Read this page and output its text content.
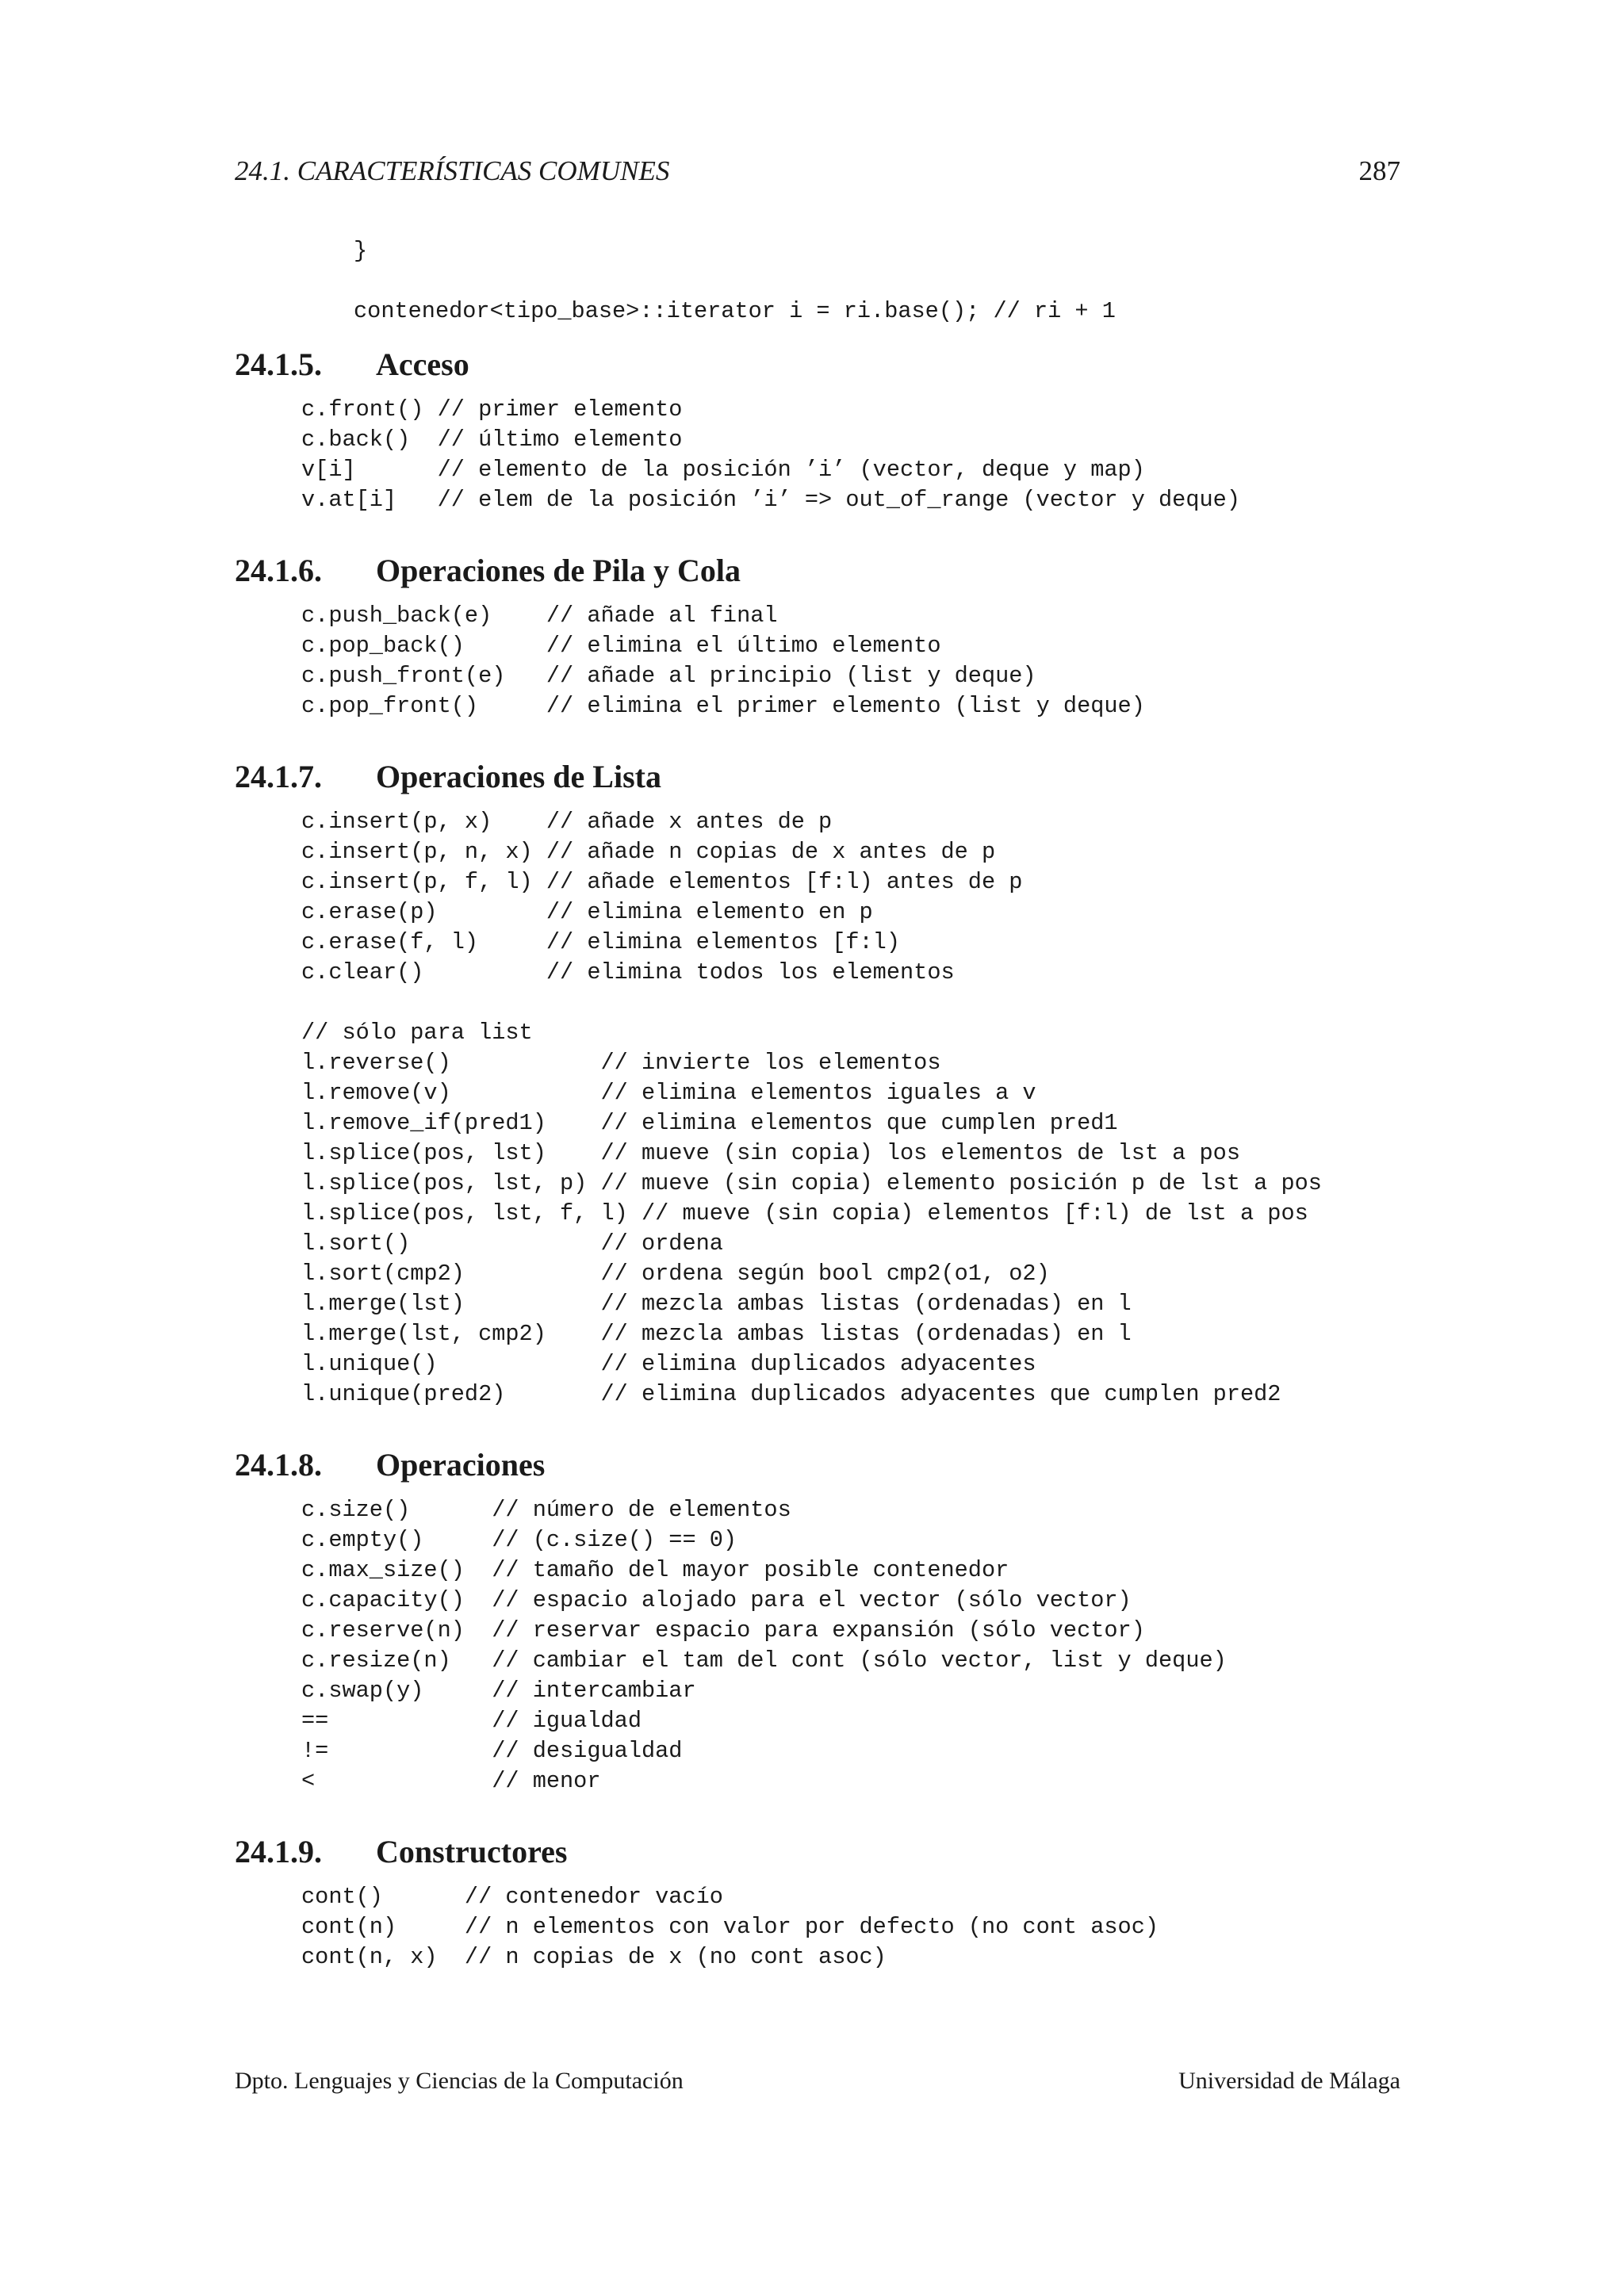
24.1. CARACTERÍSTICAS COMUNES	287
}

contenedor<tipo_base>::iterator i = ri.base(); // ri + 1
24.1.5. Acceso
c.front() // primer elemento
c.back()  // último elemento
v[i]      // elemento de la posición ’i’ (vector, deque y map)
v.at[i]   // elem de la posición ’i’ => out_of_range (vector y deque)
24.1.6. Operaciones de Pila y Cola
c.push_back(e)    // añade al final
c.pop_back()      // elimina el último elemento
c.push_front(e)   // añade al principio (list y deque)
c.pop_front()     // elimina el primer elemento (list y deque)
24.1.7. Operaciones de Lista
c.insert(p, x)    // añade x antes de p
c.insert(p, n, x) // añade n copias de x antes de p
c.insert(p, f, l) // añade elementos [f:l) antes de p
c.erase(p)        // elimina elemento en p
c.erase(f, l)     // elimina elementos [f:l)
c.clear()         // elimina todos los elementos
// sólo para list
l.reverse()           // invierte los elementos
l.remove(v)           // elimina elementos iguales a v
l.remove_if(pred1)    // elimina elementos que cumplen pred1
l.splice(pos, lst)    // mueve (sin copia) los elementos de lst a pos
l.splice(pos, lst, p) // mueve (sin copia) elemento posición p de lst a pos
l.splice(pos, lst, f, l) // mueve (sin copia) elementos [f:l) de lst a pos
l.sort()              // ordena
l.sort(cmp2)          // ordena según bool cmp2(o1, o2)
l.merge(lst)          // mezcla ambas listas (ordenadas) en l
l.merge(lst, cmp2)    // mezcla ambas listas (ordenadas) en l
l.unique()            // elimina duplicados adyacentes
l.unique(pred2)       // elimina duplicados adyacentes que cumplen pred2
24.1.8. Operaciones
c.size()      // número de elementos
c.empty()     // (c.size() == 0)
c.max_size()  // tamaño del mayor posible contenedor
c.capacity()  // espacio alojado para el vector (sólo vector)
c.reserve(n)  // reservar espacio para expansión (sólo vector)
c.resize(n)   // cambiar el tam del cont (sólo vector, list y deque)
c.swap(y)     // intercambiar
==            // igualdad
!=            // desigualdad
<             // menor
24.1.9. Constructores
cont()      // contenedor vacío
cont(n)     // n elementos con valor por defecto (no cont asoc)
cont(n, x)  // n copias de x (no cont asoc)
Dpto. Lenguajes y Ciencias de la Computación	Universidad de Málaga
